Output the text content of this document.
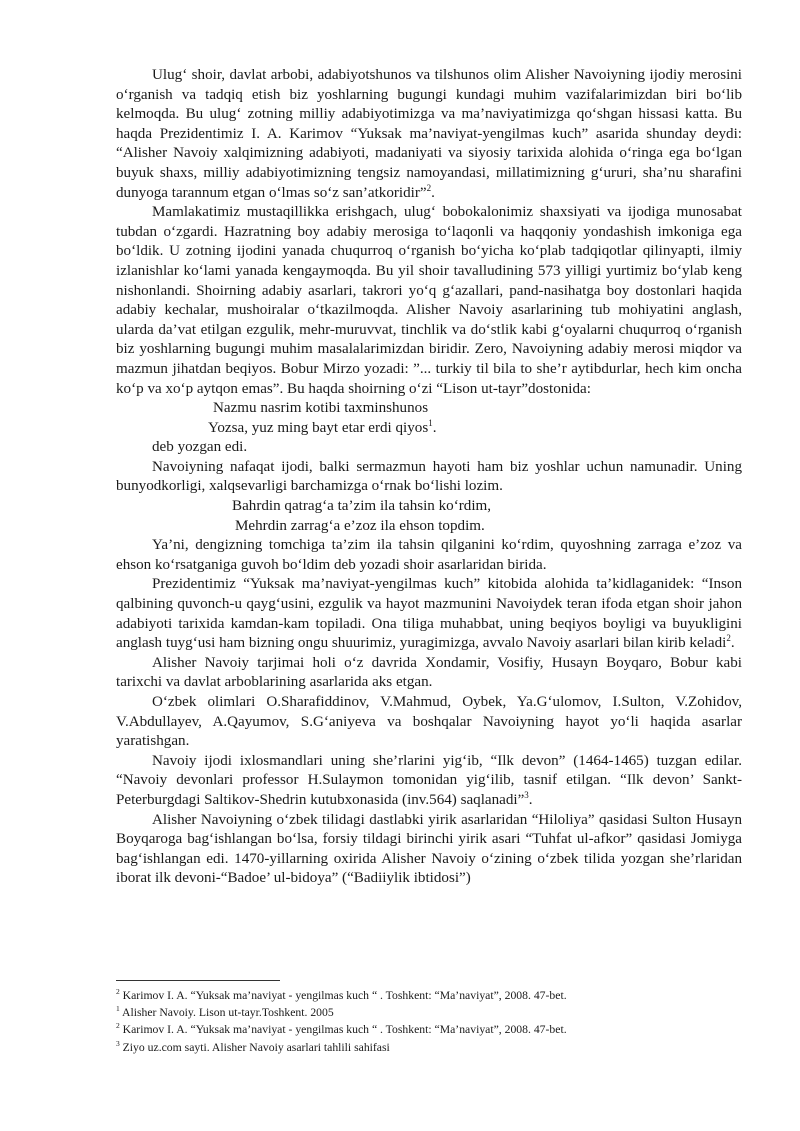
Ulug‘ shoir, davlat arbobi, adabiyotshunos va tilshunos olim Alisher Navoiyning ijodiy merosini o‘rganish va tadqiq etish biz yoshlarning bugungi kundagi muhim vazifalarimizdan biri bo‘lib kelmoqda. Bu ulug‘ zotning milliy adabiyotimizga va ma’naviyatimizga qo‘shgan hissasi katta. Bu haqda Prezidentimiz I. A. Karimov “Yuksak ma’naviyat-yengilmas kuch” asarida shunday deydi: “Alisher Navoiy xalqimizning adabiyoti, madaniyati va siyosiy tarixida alohida o‘ringa ega bo‘lgan buyuk shaxs, milliy adabiyotimizning tengsiz namoyandasi, millatimizning g‘ururi, sha’nu sharafini dunyoga tarannum etgan o‘lmas so‘z san’atkoridir”$^2$.

Mamlakatimiz mustaqillikka erishgach, ulug‘ bobokalonimiz shaxsiyati va ijodiga munosabat tubdan o‘zgardi. Hazratning boy adabiy merosiga to‘laqonli va haqqoniy yondashish imkoniga ega bo‘ldik. U zotning ijodini yanada chuqurroq o‘rganish bo‘yicha ko‘plab tadqiqotlar qilinyapti, ilmiy izlanishlar ko‘lami yanada kengaymoqda. Bu yil shoir tavalludining 573 yilligi yurtimiz bo‘ylab keng nishonlandi. Shoirning adabiy asarlari, takrori yo‘q g‘azallari, pand-nasihatga boy dostonlari haqida adabiy kechalar, mushoiralar o‘tkazilmoqda. Alisher Navoiy asarlarining tub mohiyatini anglash, ularda da’vat etilgan ezgulik, mehr-muruvvat, tinchlik va do‘stlik kabi g‘oyalarni chuqurroq o‘rganish biz yoshlarning bugungi muhim masalalarimizdan biridir. Zero, Navoiyning adabiy merosi miqdor va mazmun jihatdan beqiyos. Bobur Mirzo yozadi: ”... turkiy til bila to she’r aytibdurlar, hech kim oncha ko‘p va xo‘p aytqon emas”. Bu haqda shoirning o‘zi “Lison ut-tayr”dostonida:

Nazmu nasrim kotibi taxminshunos
Yozsa, yuz ming bayt etar erdi qiyos$^1$.

deb yozgan edi.

Navoiyning nafaqat ijodi, balki sermazmun hayoti ham biz yoshlar uchun namunadir. Uning bunyodkorligi, xalqsevarligi barchamizga o‘rnak bo‘lishi lozim.

Bahrdin qatrag‘a ta’zim ila tahsin ko‘rdim,
Mehrdin zarrag‘a e’zoz ila ehson topdim.

Ya’ni, dengizning tomchiga ta’zim ila tahsin qilganini ko‘rdim, quyoshning zarraga e’zoz va ehson ko‘rsatganiga guvoh bo‘ldim deb yozadi shoir asarlaridan birida.

Prezidentimiz “Yuksak ma’naviyat-yengilmas kuch” kitobida alohida ta’kidlaganidek: “Inson qalbining quvonch-u qayg‘usini, ezgulik va hayot mazmunini Navoiydek teran ifoda etgan shoir jahon adabiyoti tarixida kamdan-kam topiladi. Ona tiliga muhabbat, uning beqiyos boyligi va buyukligini anglash tuyg‘usi ham bizning ongu shuurimiz, yuragimizga, avvalo Navoiy asarlari bilan kirib keladi$^2$.

Alisher Navoiy tarjimai holi o‘z davrida Xondamir, Vosifiy, Husayn Boyqaro, Bobur kabi tarixchi va davlat arboblarining asarlarida aks etgan.

O‘zbek olimlari O.Sharafiddinov, V.Mahmud, Oybek, Ya.G‘ulomov, I.Sulton, V.Zohidov, V.Abdullayev, A.Qayumov, S.G‘aniyeva va boshqalar Navoiyning hayot yo‘li haqida asarlar yaratishgan.

Navoiy ijodi ixlosmandlari uning she’rlarini yig‘ib, “Ilk devon” (1464-1465) tuzgan edilar. “Navoiy devonlari professor H.Sulaymon tomonidan yig‘ilib, tasnif etilgan. “Ilk devon’ Sankt-Peterburgdagi Saltikov-Shedrin kutubxonasida (inv.564) saqlanadi”$^3$.

Alisher Navoiyning o‘zbek tilidagi dastlabki yirik asarlaridan “Hiloliya” qasidasi Sulton Husayn Boyqaroga bag‘ishlangan bo‘lsa, forsiy tildagi birinchi yirik asari “Tuhfat ul-afkor” qasidasi Jomiyga bag‘ishlangan edi. 1470-yillarning oxirida Alisher Navoiy o‘zining o‘zbek tilida yozgan she’rlaridan iborat ilk devoni-“Badoe’ ul-bidoya” (“Badiiylik ibtidosi”)

$^2$ Karimov I. A. “Yuksak ma’naviyat - yengilmas kuch “ . Toshkent: “Ma’naviyat”, 2008. 47-bet.
$^1$ Alisher Navoiy. Lison ut-tayr.Toshkent. 2005
$^2$ Karimov I. A. “Yuksak ma’naviyat - yengilmas kuch “ . Toshkent: “Ma’naviyat”, 2008. 47-bet.
$^3$ Ziyo uz.com sayti. Alisher Navoiy asarlari tahlili sahifasi
